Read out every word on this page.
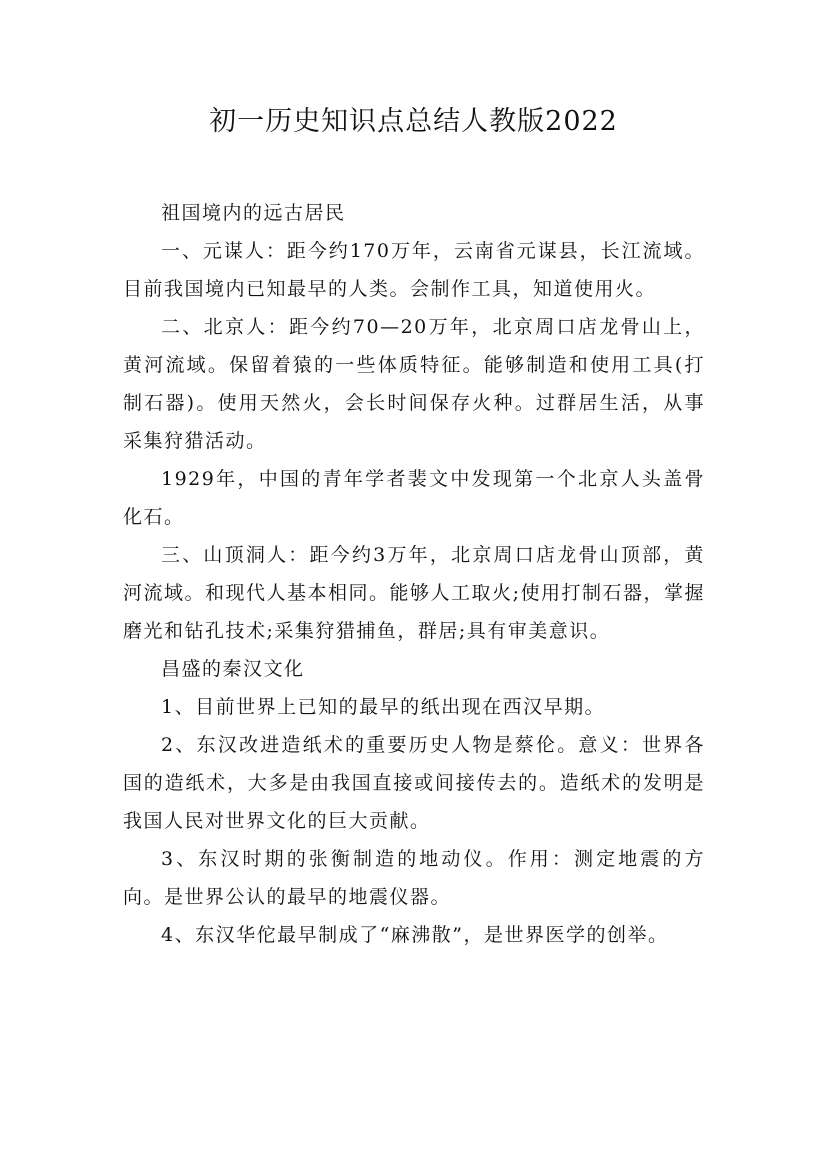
初一历史知识点总结人教版2022

祖国境内的远古居民

一、元谋人：距今约170万年，云南省元谋县，长江流域。目前我国境内已知最早的人类。会制作工具，知道使用火。

二、北京人：距今约70—20万年，北京周口店龙骨山上，黄河流域。保留着猿的一些体质特征。能够制造和使用工具(打制石器)。使用天然火，会长时间保存火种。过群居生活，从事采集狩猎活动。

1929年，中国的青年学者裴文中发现第一个北京人头盖骨化石。

三、山顶洞人：距今约3万年，北京周口店龙骨山顶部，黄河流域。和现代人基本相同。能够人工取火;使用打制石器，掌握磨光和钻孔技术;采集狩猎捕鱼，群居;具有审美意识。

昌盛的秦汉文化

1、目前世界上已知的最早的纸出现在西汉早期。

2、东汉改进造纸术的重要历史人物是蔡伦。意义：世界各国的造纸术，大多是由我国直接或间接传去的。造纸术的发明是我国人民对世界文化的巨大贡献。

3、东汉时期的张衡制造的地动仪。作用：测定地震的方向。是世界公认的最早的地震仪器。

4、东汉华佗最早制成了“麻沸散”，是世界医学的创举。
